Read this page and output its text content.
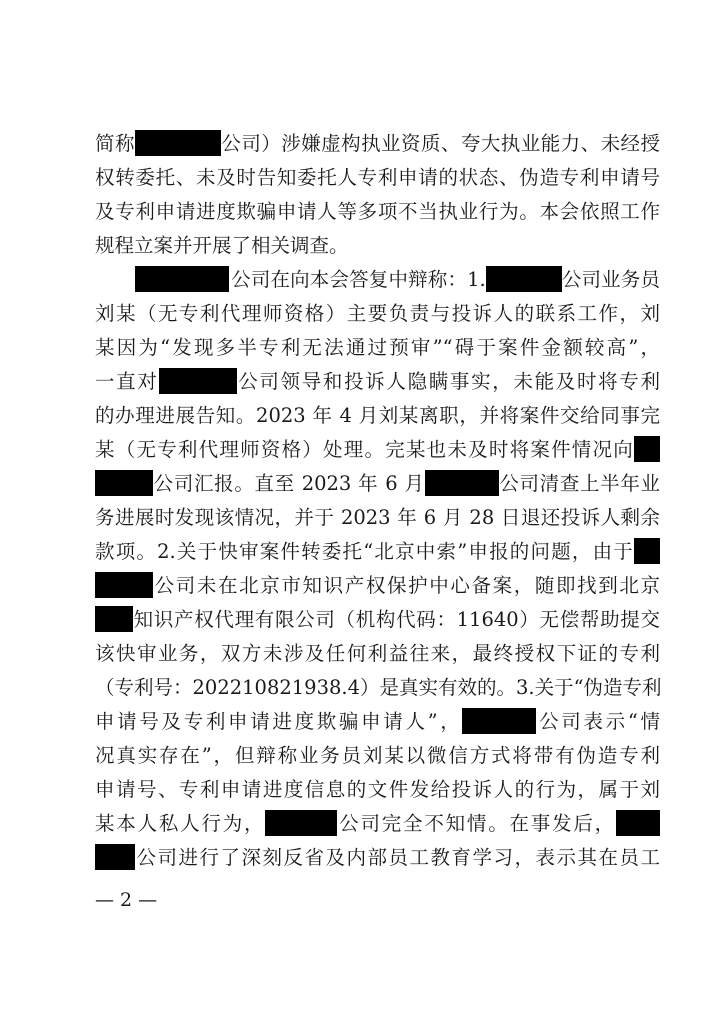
简称	公司）涉嫌虚构执业资质、夸大执业能力、未经授
权转委托、未及时告知委托人专利申请的状态、伪造专利申请号
及专利申请进度欺骗申请人等多项不当执业行为。本会依照工作
规程立案并开展了相关调查。
公司在向本会答复中辩称：1.	公司业务员
刘某（无专利代理师资格）主要负责与投诉人的联系工作，刘
某因为“发现多半专利无法通过预审”“碍于案件金额较高”，
一直对	公司领导和投诉人隐瞒事实，未能及时将专利
的办理进展告知。2023 年 4 月刘某离职，并将案件交给同事完
某（无专利代理师资格）处理。完某也未及时将案件情况向
公司汇报。直至 2023 年 6 月	公司清查上半年业
务进展时发现该情况，并于 2023 年 6 月 28 日退还投诉人剩余
款项。2.关于快审案件转委托“北京中索”申报的问题，由于
公司未在北京市知识产权保护中心备案，随即找到北京
知识产权代理有限公司（机构代码：11640）无偿帮助提交
该快审业务，双方未涉及任何利益往来，最终授权下证的专利
（专利号：202210821938.4）是真实有效的。3.关于“伪造专利
申请号及专利申请进度欺骗申请人”，	公司表示“情
况真实存在”，但辩称业务员刘某以微信方式将带有伪造专利
申请号、专利申请进度信息的文件发给投诉人的行为，属于刘
某本人私人行为，	公司完全不知情。在事发后，
公司进行了深刻反省及内部员工教育学习，表示其在员工
— 2 —
